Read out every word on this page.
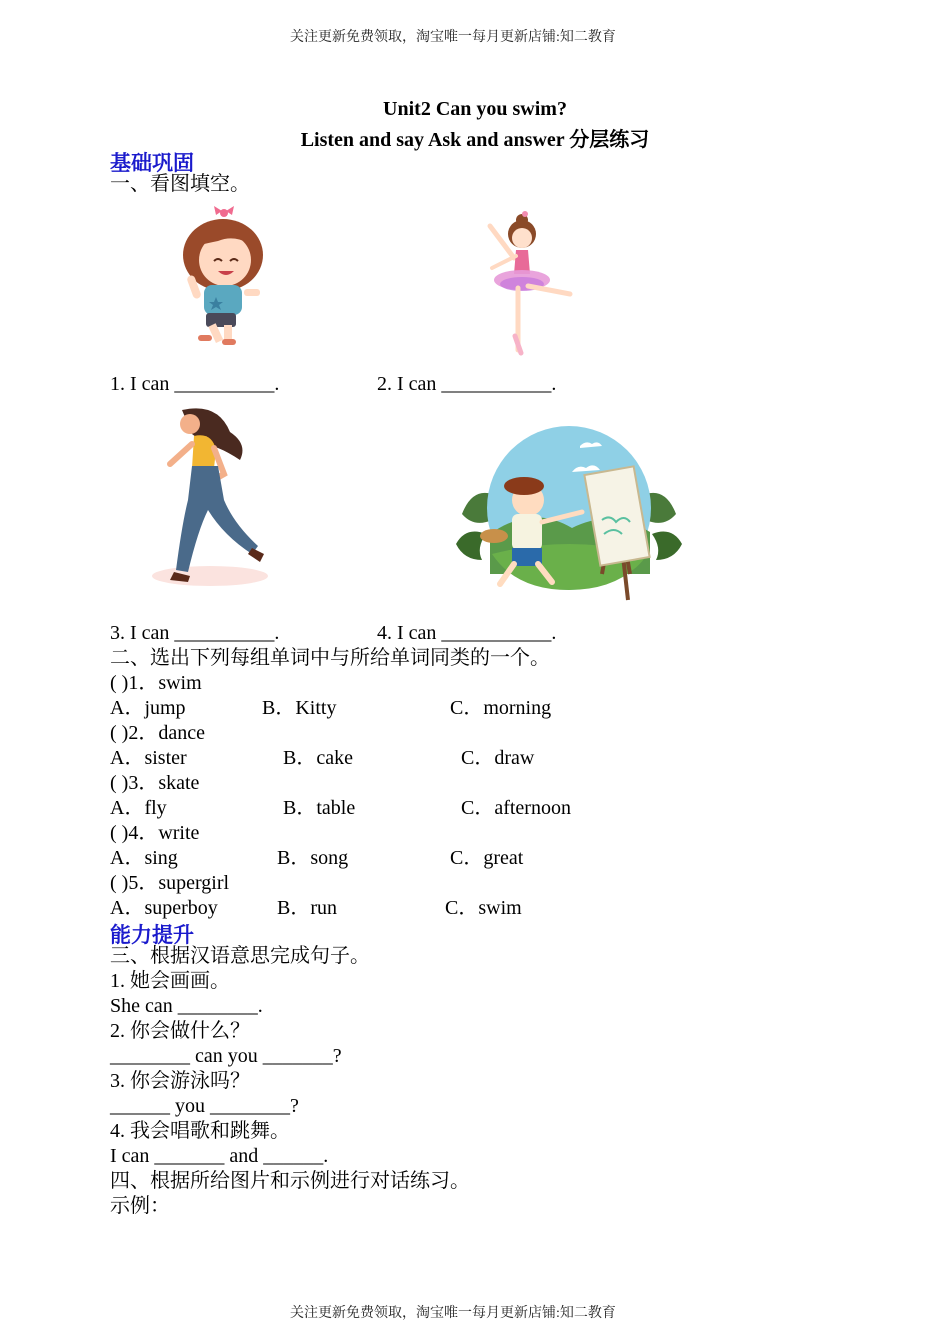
关注更新免费领取，淘宝唯一每月更新店铺:知二教育
Unit2 Can you swim?
Listen and say Ask and answer 分层练习
基础巩固
一、看图填空。
1. I can __________.	2. I can ___________.
3. I can __________.	4. I can ___________.
二、选出下列每组单词中与所给单词同类的一个。
( )1．swim
A．jump	B．Kitty	C．morning
( )2．dance
A．sister	B．cake	C．draw
( )3．skate
A．fly	B．table	C．afternoon
( )4．write
A．sing	B．song	C．great
( )5．supergirl
A．superboy	B．run	C．swim
能力提升
三、根据汉语意思完成句子。
1. 她会画画。
She can ________.
2. 你会做什么？
________ can you _______?
3. 你会游泳吗？
______ you ________?
4. 我会唱歌和跳舞。
I can _______ and ______.
四、根据所给图片和示例进行对话练习。
示例：
关注更新免费领取，淘宝唯一每月更新店铺:知二教育
